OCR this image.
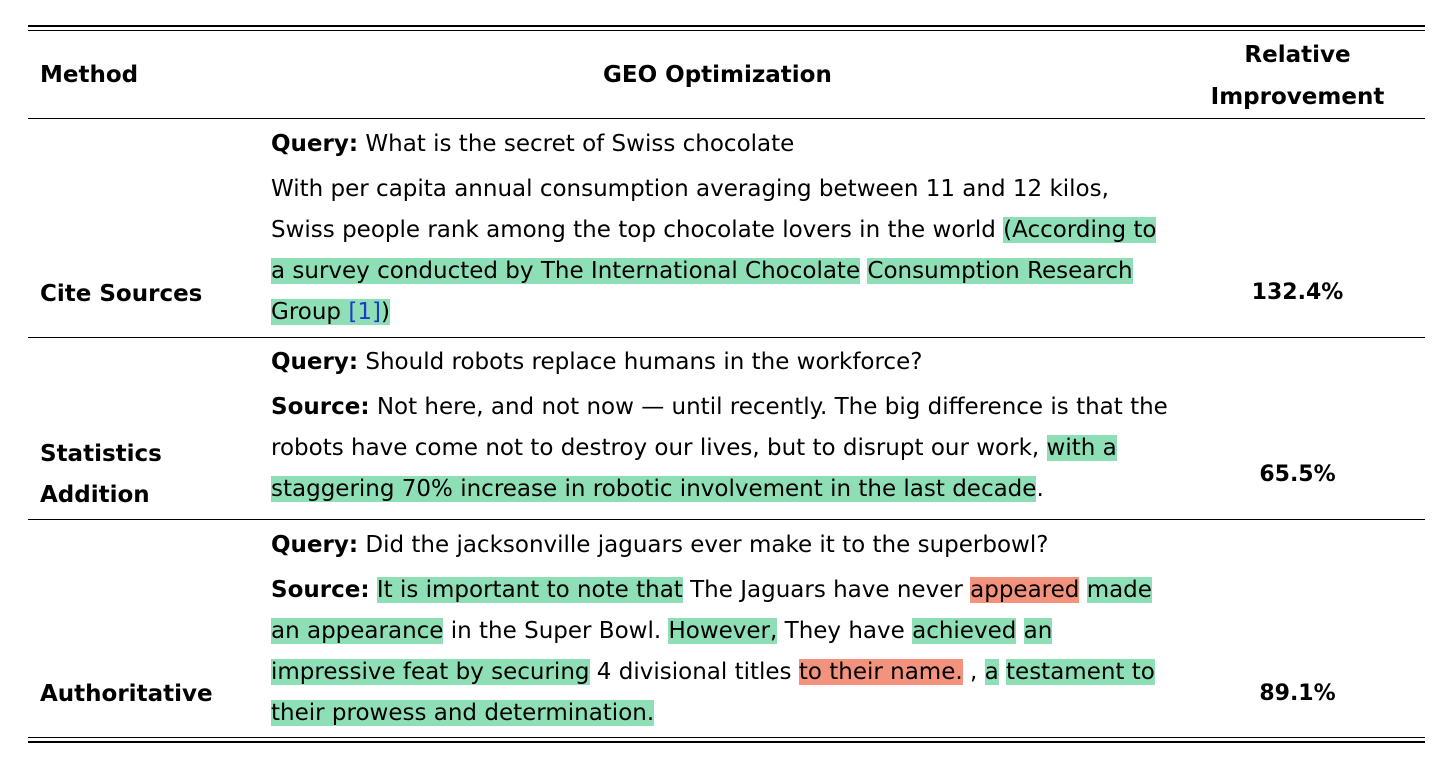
Method	GEO Optimization
Relative
Improvement
Cite Sources
Query: What is the secret of Swiss chocolate
With per capita annual consumption averaging between 11 and 12 kilos, Swiss people rank among the top chocolate lovers in the world (According to a survey conducted by The International Chocolate Consumption Research Group [1])
132.4%
Statistics
Addition
Query: Should robots replace humans in the workforce?
Source: Not here, and not now — until recently. The big difference is that the robots have come not to destroy our lives, but to disrupt our work, with a staggering 70% increase in robotic involvement in the last decade.
65.5%
Authoritative
Query: Did the jacksonville jaguars ever make it to the superbowl?
Source: It is important to note that The Jaguars have never appeared made an appearance in the Super Bowl. However, They have achieved an impressive feat by securing 4 divisional titles to their name. , a testament to their prowess and determination.
89.1%
